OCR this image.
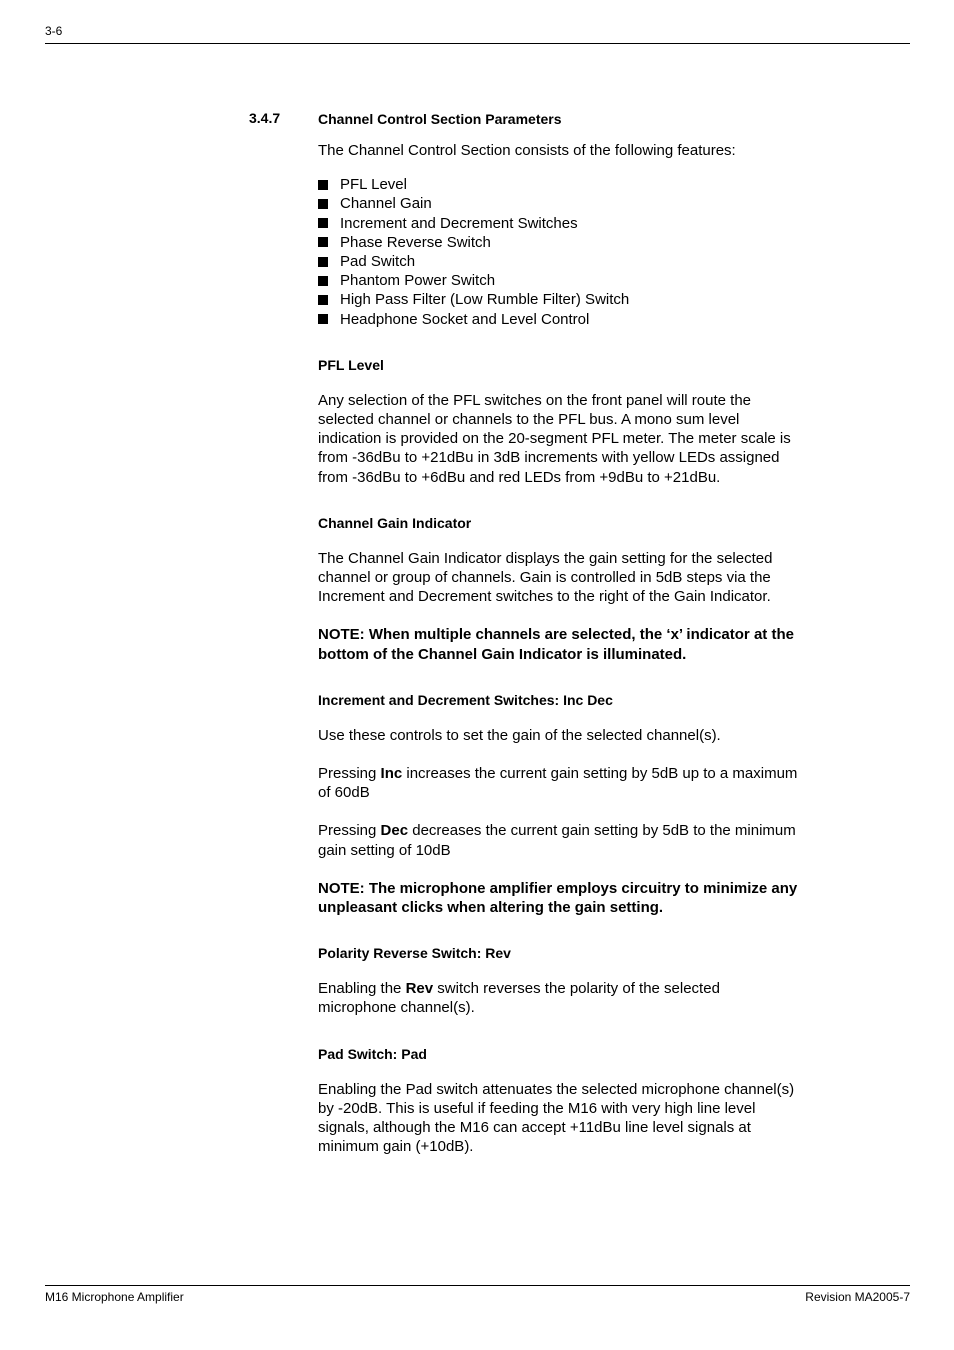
3-6
3.4.7	Channel Control Section Parameters

The Channel Control Section consists of the following features:

PFL Level
Channel Gain
Increment and Decrement Switches
Phase Reverse Switch
Pad Switch
Phantom Power Switch
High Pass Filter (Low Rumble Filter) Switch
Headphone Socket and Level Control
PFL Level

Any selection of the PFL switches on the front panel will route the selected channel or channels to the PFL bus. A mono sum level indication is provided on the 20-segment PFL meter. The meter scale is from -36dBu to +21dBu in 3dB increments with yellow LEDs assigned from -36dBu to +6dBu and red LEDs from +9dBu to +21dBu.

Channel Gain Indicator

The Channel Gain Indicator displays the gain setting for the selected channel or group of channels. Gain is controlled in 5dB steps via the Increment and Decrement switches to the right of the Gain Indicator.

NOTE: When multiple channels are selected, the ‘x’ indicator at the bottom of the Channel Gain Indicator is illuminated.

Increment and Decrement Switches: Inc Dec

Use these controls to set the gain of the selected channel(s).

Pressing Inc increases the current gain setting by 5dB up to a maximum of 60dB

Pressing Dec decreases the current gain setting by 5dB to the minimum gain setting of 10dB

NOTE: The microphone amplifier employs circuitry to minimize any unpleasant clicks when altering the gain setting.

Polarity Reverse Switch: Rev

Enabling the Rev switch reverses the polarity of the selected microphone channel(s).

Pad Switch: Pad

Enabling the Pad switch attenuates the selected microphone channel(s) by -20dB. This is useful if feeding the M16 with very high line level signals, although the M16 can accept +11dBu line level signals at minimum gain (+10dB).

M16 Microphone Amplifier	Revision MA2005-7
